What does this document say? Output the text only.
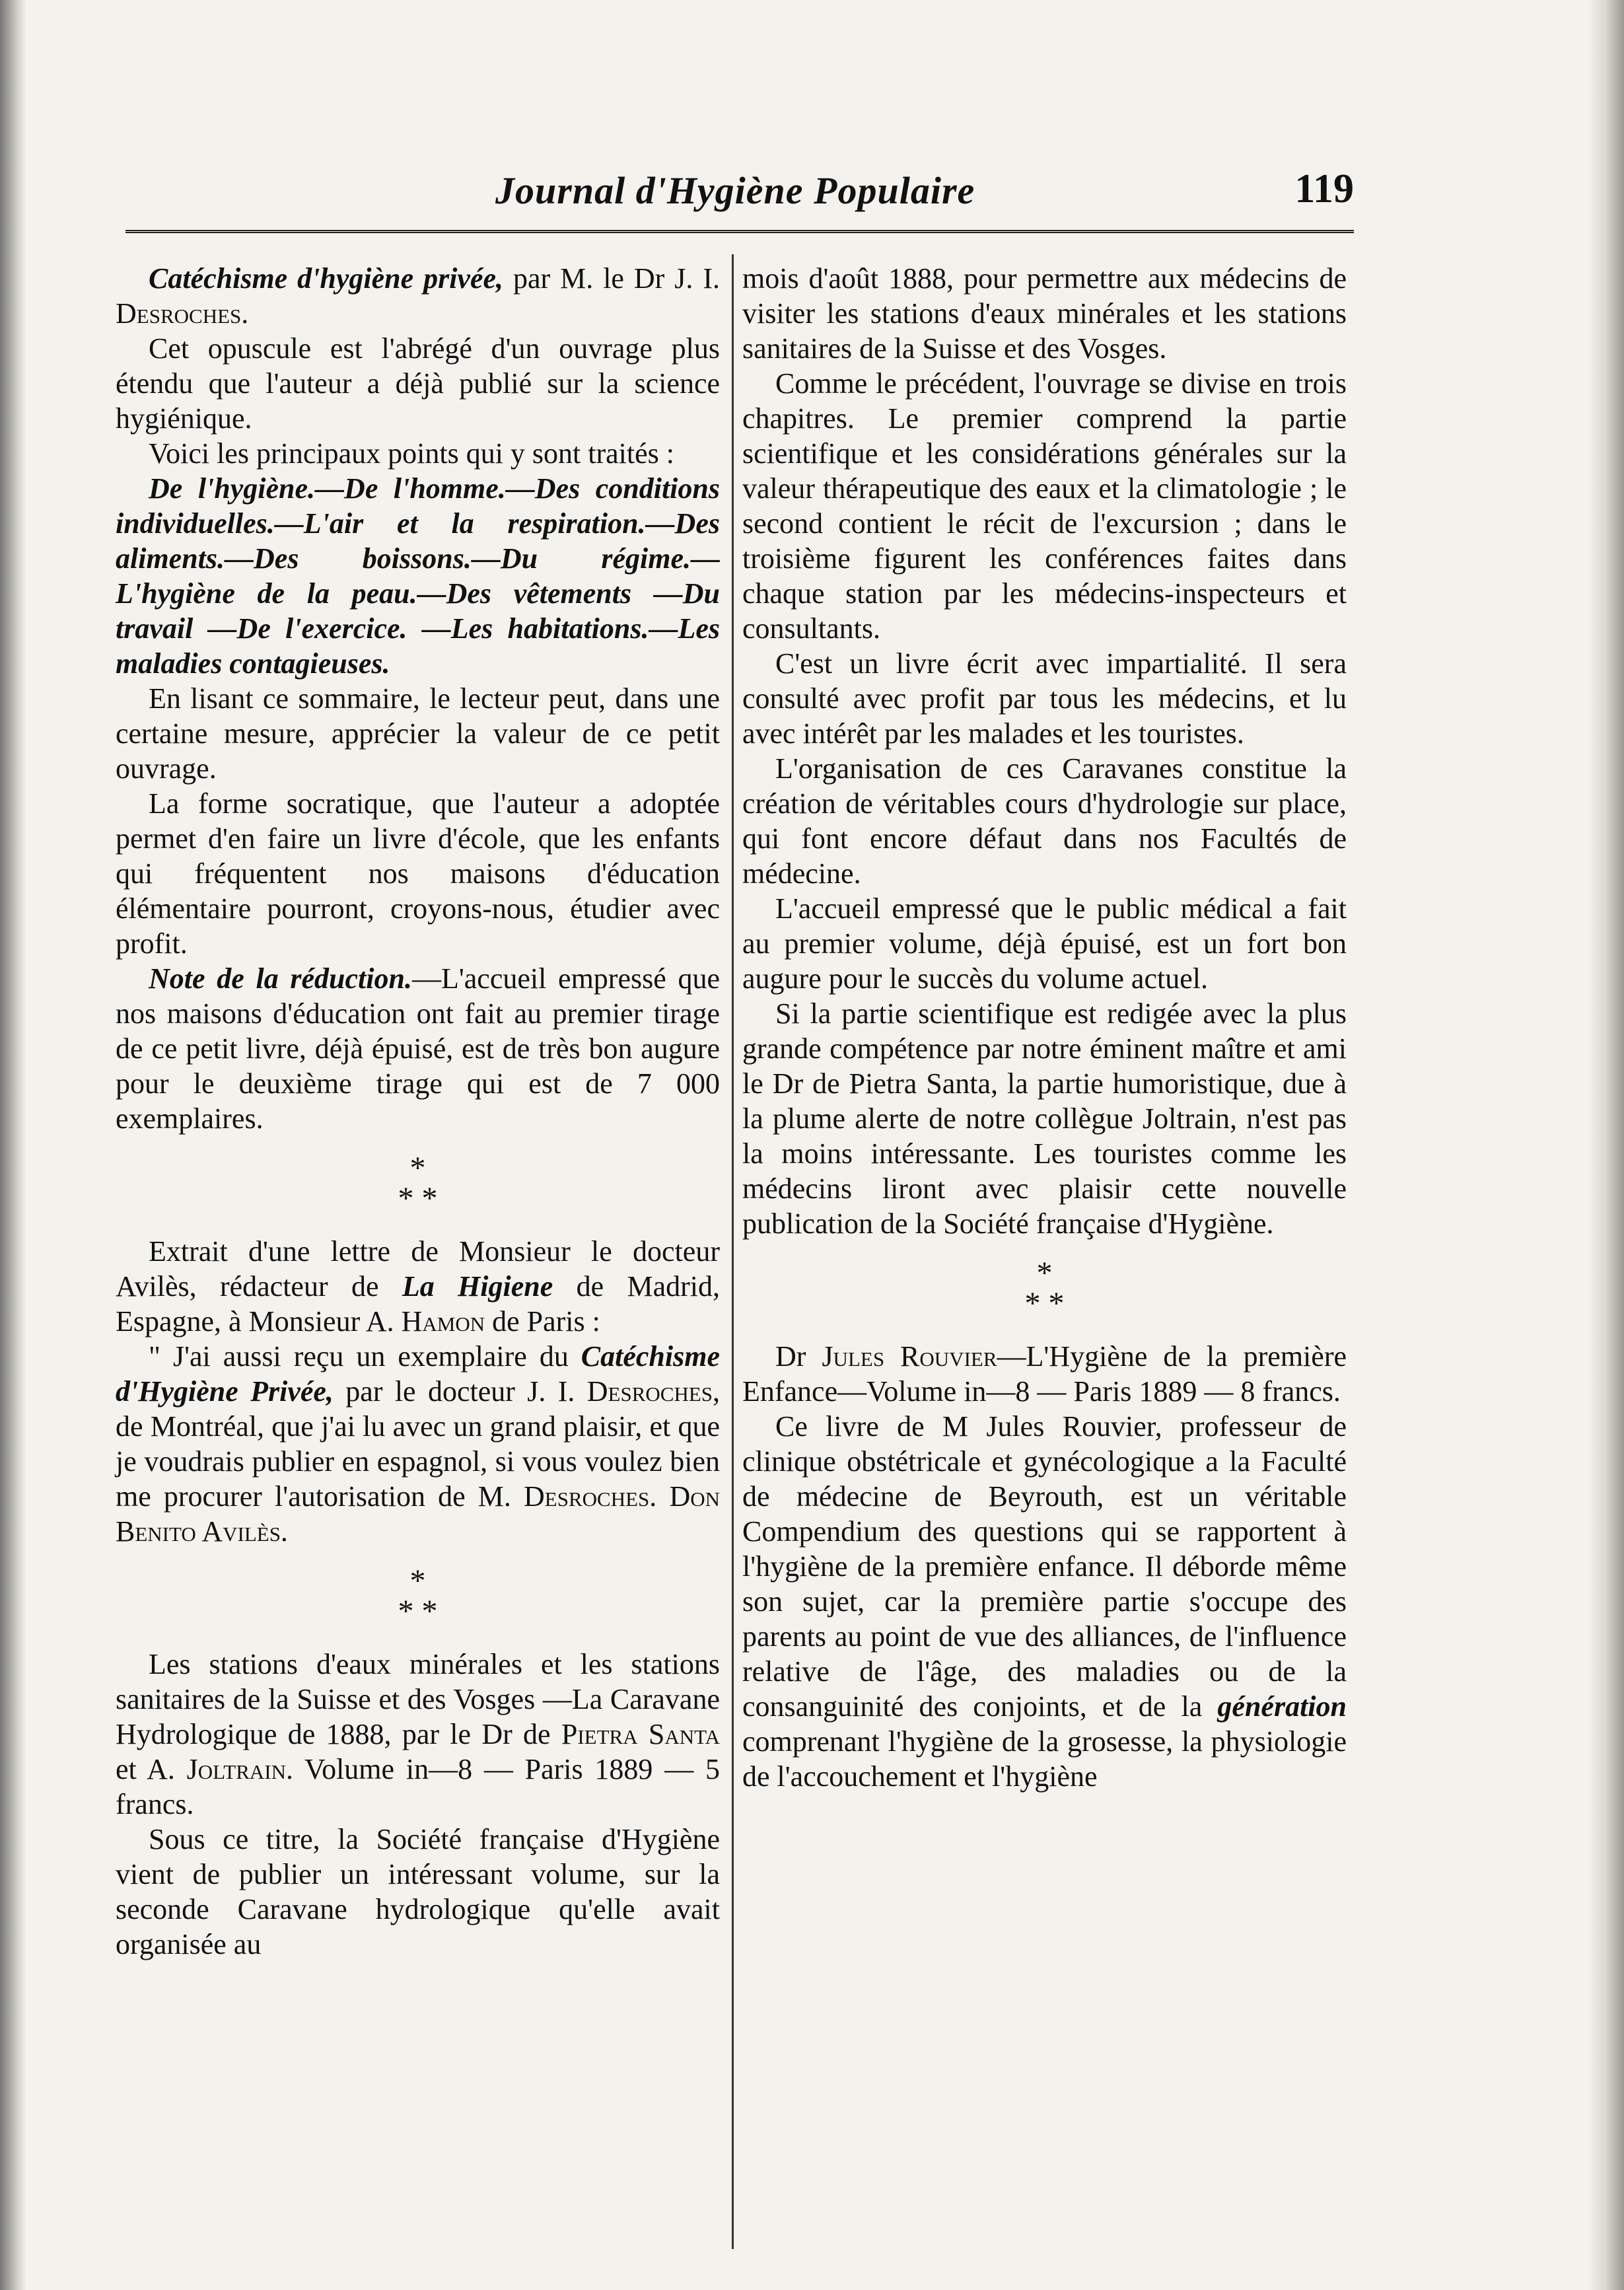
Journal d'Hygiène Populaire	119

Catéchisme d'hygiène privée, par M. le Dr J. I. Desroches.

Cet opuscule est l'abrégé d'un ouvrage plus étendu que l'auteur a déjà publié sur la science hygiénique.

Voici les principaux points qui y sont traités :

De l'hygiène.—De l'homme.—Des conditions individuelles.—L'air et la respiration.—Des aliments.—Des boissons.—Du régime.—L'hygiène de la peau.—Des vêtements —Du travail —De l'exercice. —Les habitations.—Les maladies contagieuses.

En lisant ce sommaire, le lecteur peut, dans une certaine mesure, apprécier la valeur de ce petit ouvrage.

La forme socratique, que l'auteur a adoptée permet d'en faire un livre d'école, que les enfants qui fréquentent nos maisons d'éducation élémentaire pourront, croyons-nous, étudier avec profit.

Note de la réduction.—L'accueil empressé que nos maisons d'éducation ont fait au premier tirage de ce petit livre, déjà épuisé, est de très bon augure pour le deuxième tirage qui est de 7 000 exemplaires.

*
* *

Extrait d'une lettre de Monsieur le docteur Avilès, rédacteur de La Higiene de Madrid, Espagne, à Monsieur A. Hamon de Paris :

" J'ai aussi reçu un exemplaire du Catéchisme d'Hygiène Privée, par le docteur J. I. Desroches, de Montréal, que j'ai lu avec un grand plaisir, et que je voudrais publier en espagnol, si vous voulez bien me procurer l'autorisation de M. Desroches. Don Benito Avilès.

*
* *

Les stations d'eaux minérales et les stations sanitaires de la Suisse et des Vosges —La Caravane Hydrologique de 1888, par le Dr de Pietra Santa et A. Joltrain. Volume in—8 — Paris 1889 — 5 francs.

Sous ce titre, la Société française d'Hygiène vient de publier un intéressant volume, sur la seconde Caravane hydrologique qu'elle avait organisée au

mois d'août 1888, pour permettre aux médecins de visiter les stations d'eaux minérales et les stations sanitaires de la Suisse et des Vosges.

Comme le précédent, l'ouvrage se divise en trois chapitres. Le premier comprend la partie scientifique et les considérations générales sur la valeur thérapeutique des eaux et la climatologie ; le second contient le récit de l'excursion ; dans le troisième figurent les conférences faites dans chaque station par les médecins-inspecteurs et consultants.

C'est un livre écrit avec impartialité. Il sera consulté avec profit par tous les médecins, et lu avec intérêt par les malades et les touristes.

L'organisation de ces Caravanes constitue la création de véritables cours d'hydrologie sur place, qui font encore défaut dans nos Facultés de médecine.

L'accueil empressé que le public médical a fait au premier volume, déjà épuisé, est un fort bon augure pour le succès du volume actuel.

Si la partie scientifique est redigée avec la plus grande compétence par notre éminent maître et ami le Dr de Pietra Santa, la partie humoristique, due à la plume alerte de notre collègue Joltrain, n'est pas la moins intéressante. Les touristes comme les médecins liront avec plaisir cette nouvelle publication de la Société française d'Hygiène.

*
* *

Dr Jules Rouvier—L'Hygiène de la première Enfance—Volume in—8 — Paris 1889 — 8 francs.

Ce livre de M Jules Rouvier, professeur de clinique obstétricale et gynécologique a la Faculté de médecine de Beyrouth, est un véritable Compendium des questions qui se rapportent à l'hygiène de la première enfance. Il déborde même son sujet, car la première partie s'occupe des parents au point de vue des alliances, de l'influence relative de l'âge, des maladies ou de la consanguinité des conjoints, et de la génération comprenant l'hygiène de la grosesse, la physiologie de l'accouchement et l'hygiène
